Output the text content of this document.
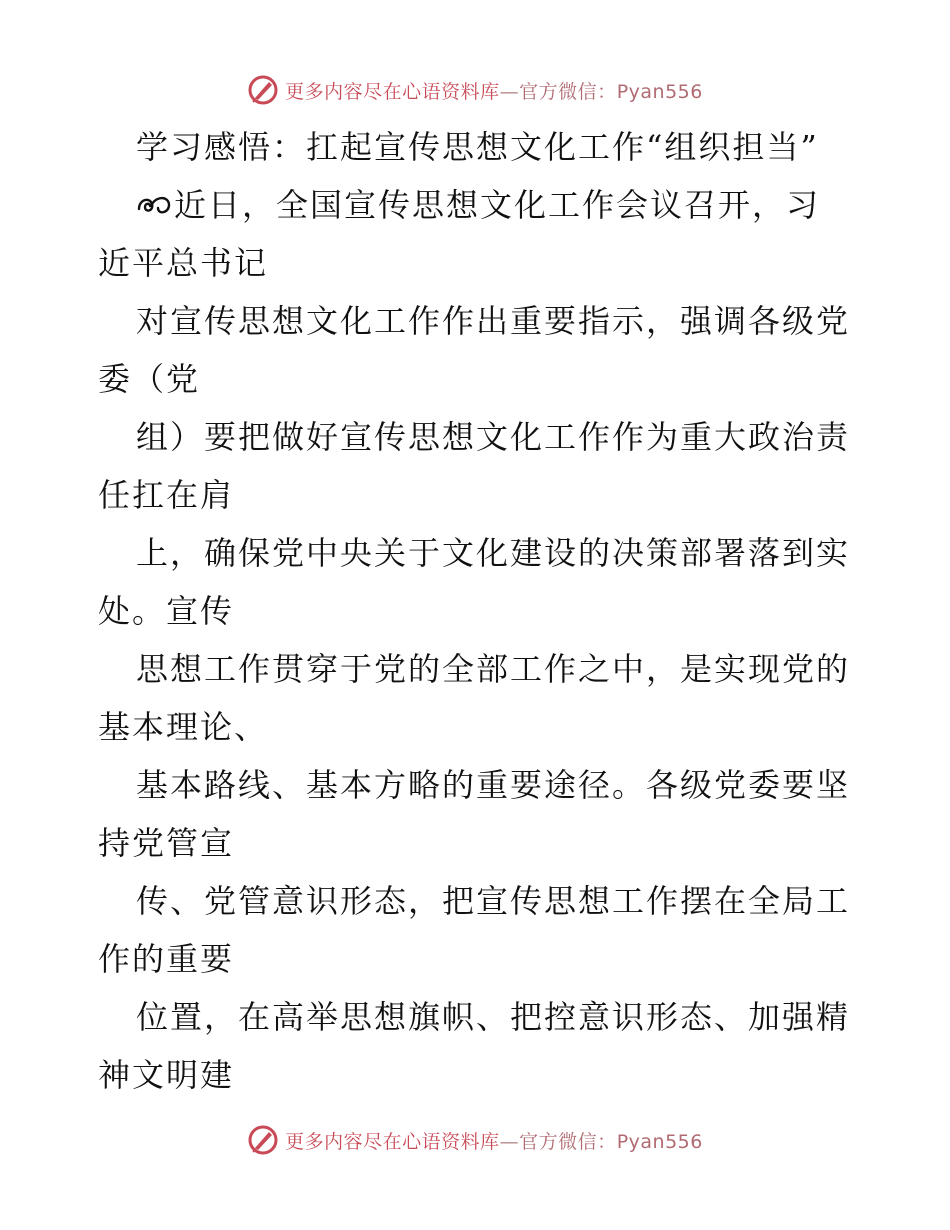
更多内容尽在心语资料库—官方微信：Pyan556
学习感悟：扛起宣传思想文化工作“组织担当”
近日，全国宣传思想文化工作会议召开，习
近平总书记
对宣传思想文化工作作出重要指示，强调各级党
委（党
组）要把做好宣传思想文化工作作为重大政治责
任扛在肩
上，确保党中央关于文化建设的决策部署落到实
处。宣传
思想工作贯穿于党的全部工作之中，是实现党的
基本理论、
基本路线、基本方略的重要途径。各级党委要坚
持党管宣
传、党管意识形态，把宣传思想工作摆在全局工
作的重要
位置，在高举思想旗帜、把控意识形态、加强精
神文明建
更多内容尽在心语资料库—官方微信：Pyan556
